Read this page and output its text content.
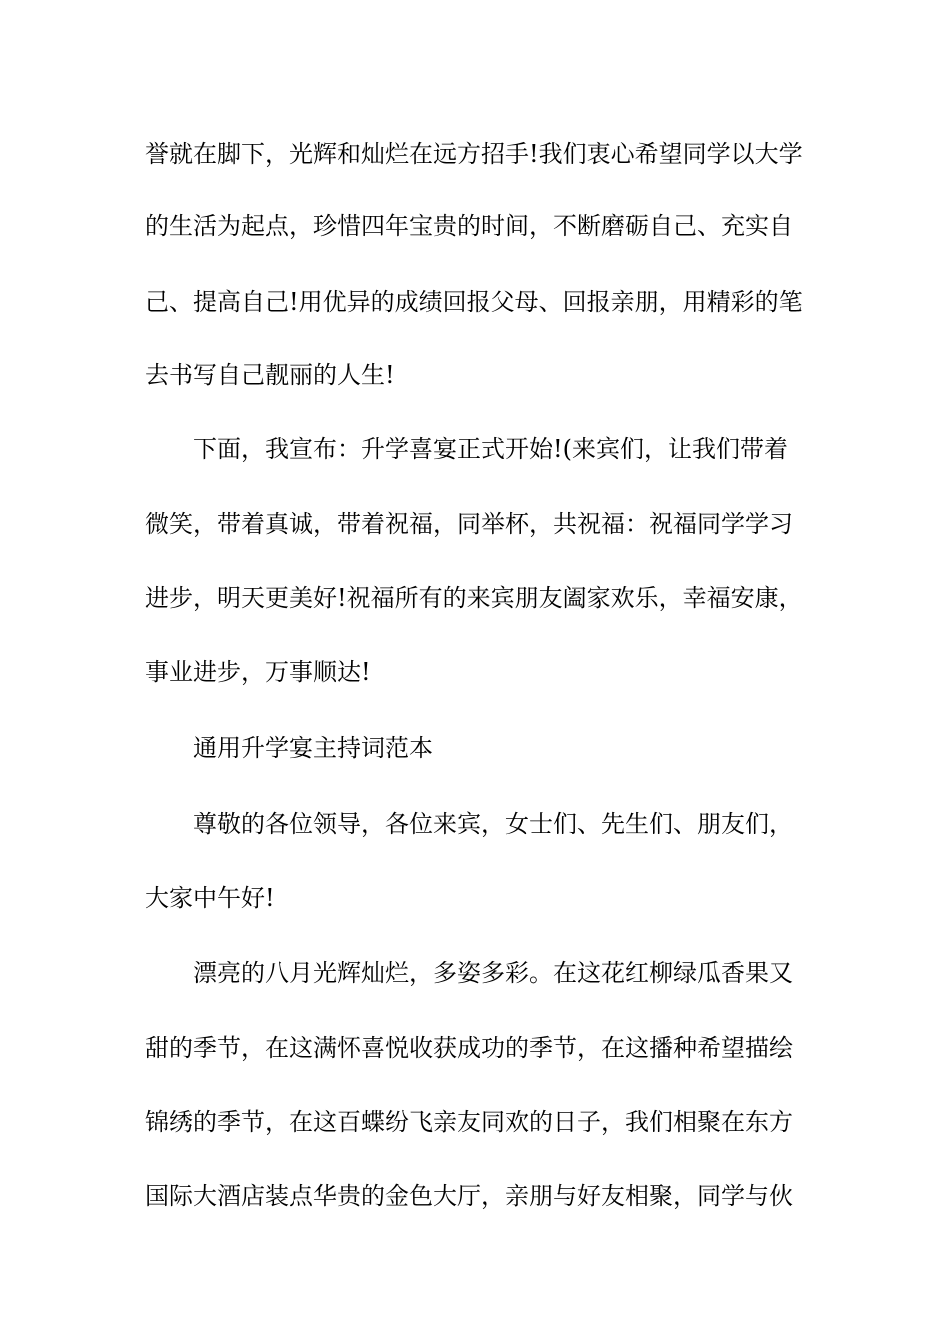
誉就在脚下，光辉和灿烂在远方招手!我们衷心希望同学以大学
的生活为起点，珍惜四年宝贵的时间，不断磨砺自己、充实自
己、提高自己!用优异的成绩回报父母、回报亲朋，用精彩的笔
去书写自己靓丽的人生!
下面，我宣布：升学喜宴正式开始!(来宾们，让我们带着
微笑，带着真诚，带着祝福，同举杯，共祝福：祝福同学学习
进步，明天更美好!祝福所有的来宾朋友阖家欢乐，幸福安康，
事业进步，万事顺达!
通用升学宴主持词范本
尊敬的各位领导，各位来宾，女士们、先生们、朋友们，
大家中午好!
漂亮的八月光辉灿烂，多姿多彩。在这花红柳绿瓜香果又
甜的季节，在这满怀喜悦收获成功的季节，在这播种希望描绘
锦绣的季节，在这百蝶纷飞亲友同欢的日子，我们相聚在东方
国际大酒店装点华贵的金色大厅，亲朋与好友相聚，同学与伙
